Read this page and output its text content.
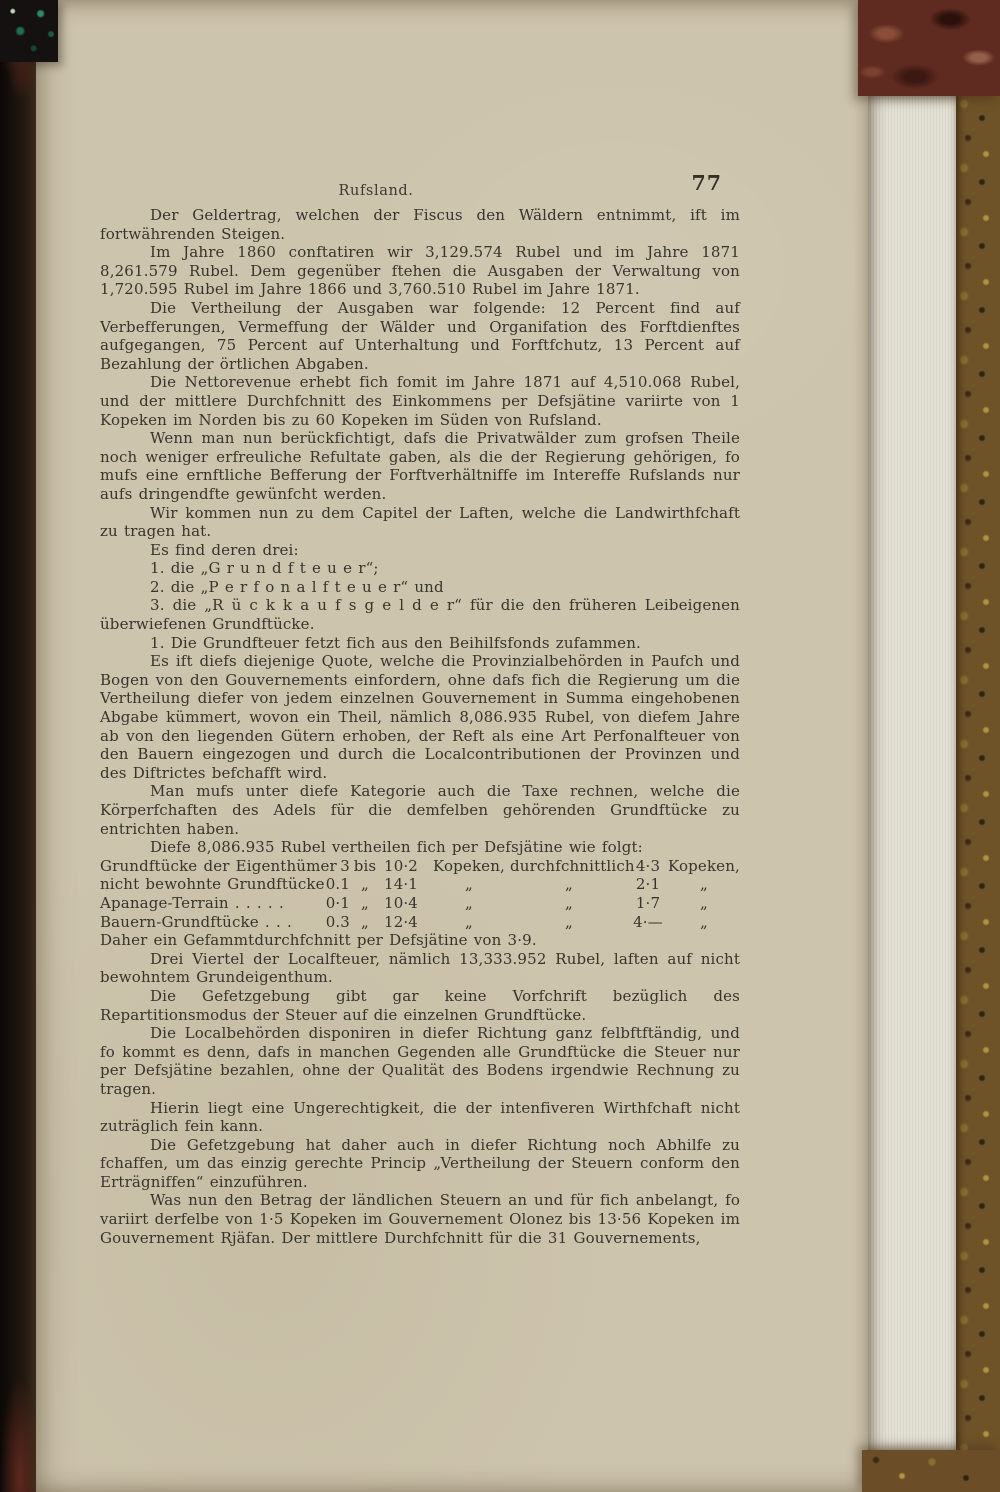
Rufsland.	77

Der Geldertrag, welchen der Fiscus den Wäldern entnimmt, ift im fortwährenden Steigen.

Im Jahre 1860 conftatiren wir 3,129.574 Rubel und im Jahre 1871 8,261.579 Rubel. Dem gegenüber ftehen die Ausgaben der Verwaltung von 1,720.595 Rubel im Jahre 1866 und 3,760.510 Rubel im Jahre 1871.

Die Vertheilung der Ausgaben war folgende: 12 Percent find auf Verbefferungen, Vermeffung der Wälder und Organifation des Forftdienftes aufgegangen, 75 Percent auf Unterhaltung und Forftfchutz, 13 Percent auf Bezahlung der örtlichen Abgaben.

Die Nettorevenue erhebt fich fomit im Jahre 1871 auf 4,510.068 Rubel, und der mittlere Durchfchnitt des Einkommens per Defsjätine variirte von 1 Kopeken im Norden bis zu 60 Kopeken im Süden von Rufsland.

Wenn man nun berückfichtigt, dafs die Privatwälder zum grofsen Theile noch weniger erfreuliche Refultate gaben, als die der Regierung gehörigen, fo mufs eine ernftliche Befferung der Forftverhältniffe im Intereffe Rufslands nur aufs dringendfte gewünfcht werden.

Wir kommen nun zu dem Capitel der Laften, welche die Landwirthfchaft zu tragen hat.

Es find deren drei:

1. die „G r u n d f t e u e r“;

2. die „P e r f o n a l f t e u e r“ und

3. die „R ü c k k a u f s g e l d e r“ für die den früheren Leibeigenen überwiefenen Grundftücke.

1. Die Grundfteuer fetzt fich aus den Beihilfsfonds zufammen.

Es ift diefs diejenige Quote, welche die Provinzialbehörden in Paufch und Bogen von den Gouvernements einfordern, ohne dafs fich die Regierung um die Vertheilung diefer von jedem einzelnen Gouvernement in Summa eingehobenen Abgabe kümmert, wovon ein Theil, nämlich 8,086.935 Rubel, von diefem Jahre ab von den liegenden Gütern erhoben, der Reft als eine Art Perfonalfteuer von den Bauern eingezogen und durch die Localcontributionen der Provinzen und des Diftrictes befchafft wird.

Man mufs unter diefe Kategorie auch die Taxe rechnen, welche die Körperfchaften des Adels für die demfelben gehörenden Grundftücke zu entrichten haben.

Diefe 8,086.935 Rubel vertheilen fich per Defsjätine wie folgt:

Grundftücke der Eigenthümer 3 bis 10·2	Kopeken, durchfchnittlich 4·3 Kopeken,
nicht bewohnte Grundftücke 0.1 „	14·1	„	„	2·1	„
Apanage-Terrain . . . . .	0·1 „	10·4	„	„	1·7	„
Bauern-Grundftücke . . .	0.3 „	12·4	„	„	4·—	„

Daher ein Gefammtdurchfchnitt per Defsjätine von 3·9.

Drei Viertel der Localfteuer, nämlich 13,333.952 Rubel, laften auf nicht bewohntem Grundeigenthum.

Die Gefetzgebung gibt gar keine Vorfchrift bezüglich des Repartitionsmodus der Steuer auf die einzelnen Grundftücke.

Die Localbehörden disponiren in diefer Richtung ganz felbftftändig, und fo kommt es denn, dafs in manchen Gegenden alle Grundftücke die Steuer nur per Defsjätine bezahlen, ohne der Qualität des Bodens irgendwie Rechnung zu tragen.

Hierin liegt eine Ungerechtigkeit, die der intenfiveren Wirthfchaft nicht zuträglich fein kann.

Die Gefetzgebung hat daher auch in diefer Richtung noch Abhilfe zu fchaffen, um das einzig gerechte Princip „Vertheilung der Steuern conform den Erträgniffen“ einzuführen.

Was nun den Betrag der ländlichen Steuern an und für fich anbelangt, fo variirt derfelbe von 1·5 Kopeken im Gouvernement Olonez bis 13·56 Kopeken im Gouvernement Rjäfan. Der mittlere Durchfchnitt für die 31 Gouvernements,
